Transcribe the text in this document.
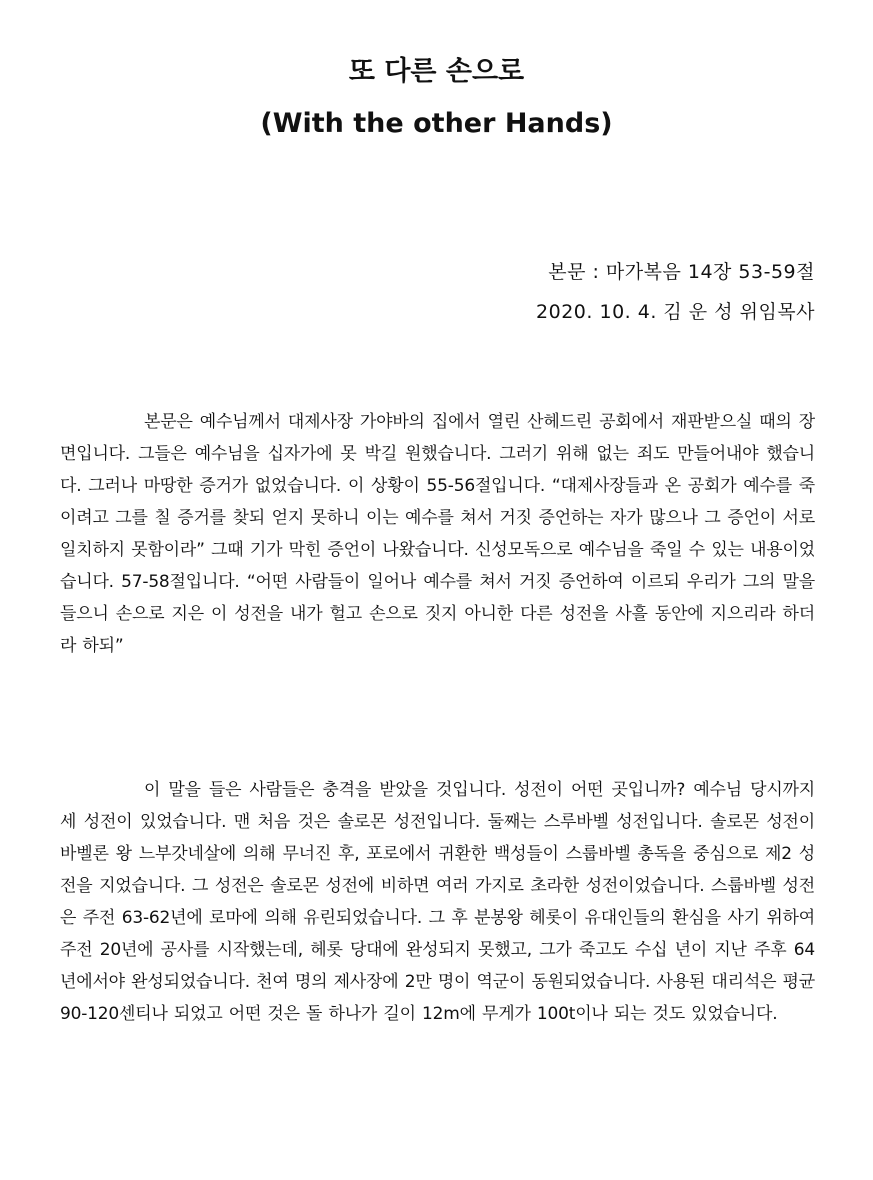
또 다른 손으로
(With the other Hands)

본문 : 마가복음 14장 53-59절

2020. 10. 4. 김 운 성 위임목사

본문은 예수님께서 대제사장 가야바의 집에서 열린 산헤드린 공회에서 재판받으실 때의 장면입니다. 그들은 예수님을 십자가에 못 박길 원했습니다. 그러기 위해 없는 죄도 만들어내야 했습니다. 그러나 마땅한 증거가 없었습니다. 이 상황이 55-56절입니다. “대제사장들과 온 공회가 예수를 죽이려고 그를 칠 증거를 찾되 얻지 못하니 이는 예수를 쳐서 거짓 증언하는 자가 많으나 그 증언이 서로 일치하지 못함이라” 그때 기가 막힌 증언이 나왔습니다. 신성모독으로 예수님을 죽일 수 있는 내용이었습니다. 57-58절입니다. “어떤 사람들이 일어나 예수를 쳐서 거짓 증언하여 이르되 우리가 그의 말을 들으니 손으로 지은 이 성전을 내가 헐고 손으로 짓지 아니한 다른 성전을 사흘 동안에 지으리라 하더라 하되”

이 말을 들은 사람들은 충격을 받았을 것입니다. 성전이 어떤 곳입니까? 예수님 당시까지 세 성전이 있었습니다. 맨 처음 것은 솔로몬 성전입니다. 둘째는 스루바벨 성전입니다. 솔로몬 성전이 바벨론 왕 느부갓네살에 의해 무너진 후, 포로에서 귀환한 백성들이 스룹바벨 총독을 중심으로 제2 성전을 지었습니다. 그 성전은 솔로몬 성전에 비하면 여러 가지로 초라한 성전이었습니다. 스룹바벨 성전은 주전 63-62년에 로마에 의해 유린되었습니다. 그 후 분봉왕 헤롯이 유대인들의 환심을 사기 위하여 주전 20년에 공사를 시작했는데, 헤롯 당대에 완성되지 못했고, 그가 죽고도 수십 년이 지난 주후 64년에서야 완성되었습니다. 천여 명의 제사장에 2만 명이 역군이 동원되었습니다. 사용된 대리석은 평균 90-120센티나 되었고 어떤 것은 돌 하나가 길이 12m에 무게가 100t이나 되는 것도 있었습니다.
